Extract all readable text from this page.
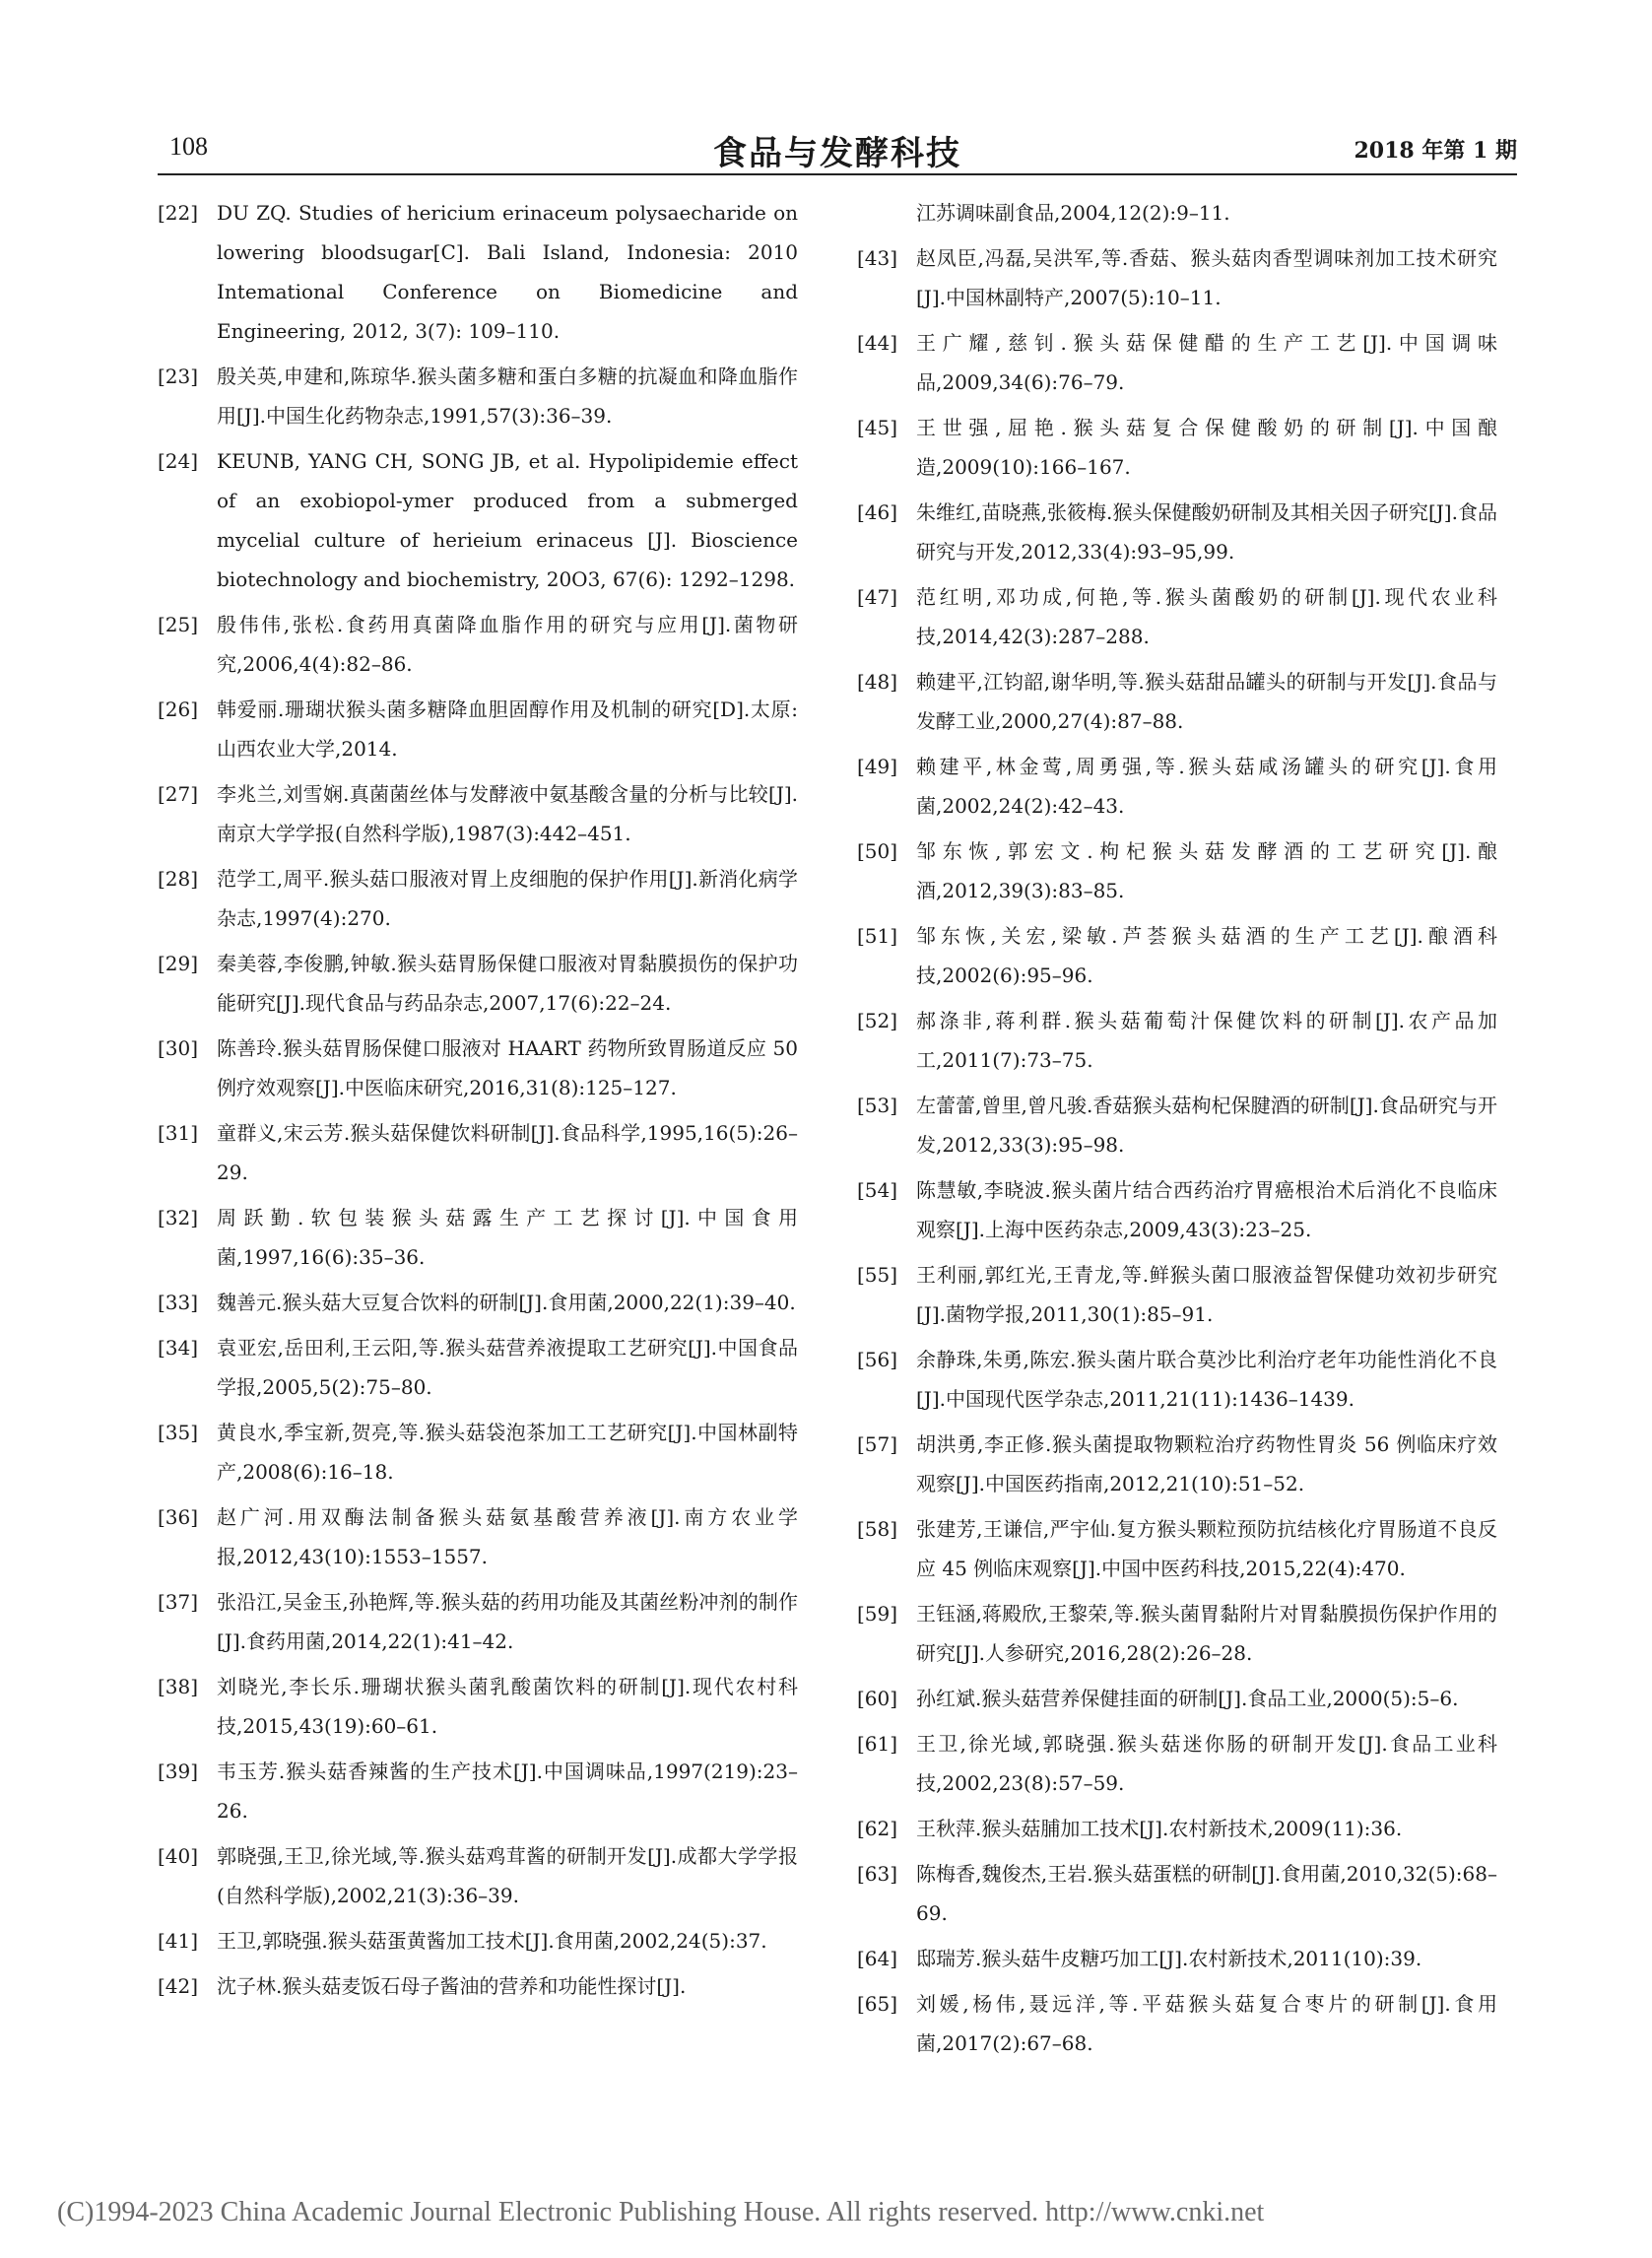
108	食品与发酵科技	2018 年第 1 期
[22] DU ZQ. Studies of hericium erinaceum polysaecharide on lowering bloodsugar[C]. Bali Island, Indonesia: 2010 Intemational Conference on Biomedicine and Engineering, 2012, 3(7): 109–110.
[23] 殷关英,申建和,陈琼华.猴头菌多糖和蛋白多糖的抗凝血和降血脂作用[J].中国生化药物杂志,1991,57(3):36–39.
[24] KEUNB, YANG CH, SONG JB, et al. Hypolipidemie effect of an exobiopol-ymer produced from a submerged mycelial culture of herieium erinaceus [J]. Bioscience biotechnology and biochemistry, 20O3, 67(6): 1292–1298.
[25] 殷伟伟,张松.食药用真菌降血脂作用的研究与应用[J].菌物研究,2006,4(4):82–86.
[26] 韩爱丽.珊瑚状猴头菌多糖降血胆固醇作用及机制的研究[D].太原:山西农业大学,2014.
[27] 李兆兰,刘雪娴.真菌菌丝体与发酵液中氨基酸含量的分析与比较[J].南京大学学报(自然科学版),1987(3):442–451.
[28] 范学工,周平.猴头菇口服液对胃上皮细胞的保护作用[J].新消化病学杂志,1997(4):270.
[29] 秦美蓉,李俊鹏,钟敏.猴头菇胃肠保健口服液对胃黏膜损伤的保护功能研究[J].现代食品与药品杂志,2007,17(6):22–24.
[30] 陈善玲.猴头菇胃肠保健口服液对 HAART 药物所致胃肠道反应 50 例疗效观察[J].中医临床研究,2016,31(8):125–127.
[31] 童群义,宋云芳.猴头菇保健饮料研制[J].食品科学,1995,16(5):26–29.
[32] 周跃勤.软包装猴头菇露生产工艺探讨[J].中国食用菌,1997,16(6):35–36.
[33] 魏善元.猴头菇大豆复合饮料的研制[J].食用菌,2000,22(1):39–40.
[34] 袁亚宏,岳田利,王云阳,等.猴头菇营养液提取工艺研究[J].中国食品学报,2005,5(2):75–80.
[35] 黄良水,季宝新,贺亮,等.猴头菇袋泡茶加工工艺研究[J].中国林副特产,2008(6):16–18.
[36] 赵广河.用双酶法制备猴头菇氨基酸营养液[J].南方农业学报,2012,43(10):1553–1557.
[37] 张沿江,吴金玉,孙艳辉,等.猴头菇的药用功能及其菌丝粉冲剂的制作[J].食药用菌,2014,22(1):41–42.
[38] 刘晓光,李长乐.珊瑚状猴头菌乳酸菌饮料的研制[J].现代农村科技,2015,43(19):60–61.
[39] 韦玉芳.猴头菇香辣酱的生产技术[J].中国调味品,1997(219):23–26.
[40] 郭晓强,王卫,徐光域,等.猴头菇鸡茸酱的研制开发[J].成都大学学报(自然科学版),2002,21(3):36–39.
[41] 王卫,郭晓强.猴头菇蛋黄酱加工技术[J].食用菌,2002,24(5):37.
[42] 沈子林.猴头菇麦饭石母子酱油的营养和功能性探讨[J].
江苏调味副食品,2004,12(2):9–11.
[43] 赵凤臣,冯磊,吴洪军,等.香菇、猴头菇肉香型调味剂加工技术研究[J].中国林副特产,2007(5):10–11.
[44] 王广耀,慈钊.猴头菇保健醋的生产工艺[J].中国调味品,2009,34(6):76–79.
[45] 王世强,屈艳.猴头菇复合保健酸奶的研制[J].中国酿造,2009(10):166–167.
[46] 朱维红,苗晓燕,张筱梅.猴头保健酸奶研制及其相关因子研究[J].食品研究与开发,2012,33(4):93–95,99.
[47] 范红明,邓功成,何艳,等.猴头菌酸奶的研制[J].现代农业科技,2014,42(3):287–288.
[48] 赖建平,江钧韶,谢华明,等.猴头菇甜品罐头的研制与开发[J].食品与发酵工业,2000,27(4):87–88.
[49] 赖建平,林金莺,周勇强,等.猴头菇咸汤罐头的研究[J].食用菌,2002,24(2):42–43.
[50] 邹东恢,郭宏文.枸杞猴头菇发酵酒的工艺研究[J].酿酒,2012,39(3):83–85.
[51] 邹东恢,关宏,梁敏.芦荟猴头菇酒的生产工艺[J].酿酒科技,2002(6):95–96.
[52] 郝涤非,蒋利群.猴头菇葡萄汁保健饮料的研制[J].农产品加工,2011(7):73–75.
[53] 左蕾蕾,曾里,曾凡骏.香菇猴头菇枸杞保腱酒的研制[J].食品研究与开发,2012,33(3):95–98.
[54] 陈慧敏,李晓波.猴头菌片结合西药治疗胃癌根治术后消化不良临床观察[J].上海中医药杂志,2009,43(3):23–25.
[55] 王利丽,郭红光,王青龙,等.鲜猴头菌口服液益智保健功效初步研究[J].菌物学报,2011,30(1):85–91.
[56] 余静珠,朱勇,陈宏.猴头菌片联合莫沙比利治疗老年功能性消化不良[J].中国现代医学杂志,2011,21(11):1436–1439.
[57] 胡洪勇,李正修.猴头菌提取物颗粒治疗药物性胃炎 56 例临床疗效观察[J].中国医药指南,2012,21(10):51–52.
[58] 张建芳,王谦信,严宇仙.复方猴头颗粒预防抗结核化疗胃肠道不良反应 45 例临床观察[J].中国中医药科技,2015,22(4):470.
[59] 王钰涵,蒋殿欣,王黎荣,等.猴头菌胃黏附片对胃黏膜损伤保护作用的研究[J].人参研究,2016,28(2):26–28.
[60] 孙红斌.猴头菇营养保健挂面的研制[J].食品工业,2000(5):5–6.
[61] 王卫,徐光域,郭晓强.猴头菇迷你肠的研制开发[J].食品工业科技,2002,23(8):57–59.
[62] 王秋萍.猴头菇脯加工技术[J].农村新技术,2009(11):36.
[63] 陈梅香,魏俊杰,王岩.猴头菇蛋糕的研制[J].食用菌,2010,32(5):68–69.
[64] 邸瑞芳.猴头菇牛皮糖巧加工[J].农村新技术,2011(10):39.
[65] 刘媛,杨伟,聂远洋,等.平菇猴头菇复合枣片的研制[J].食用菌,2017(2):67–68.
(C)1994-2023 China Academic Journal Electronic Publishing House. All rights reserved. http://www.cnki.net
